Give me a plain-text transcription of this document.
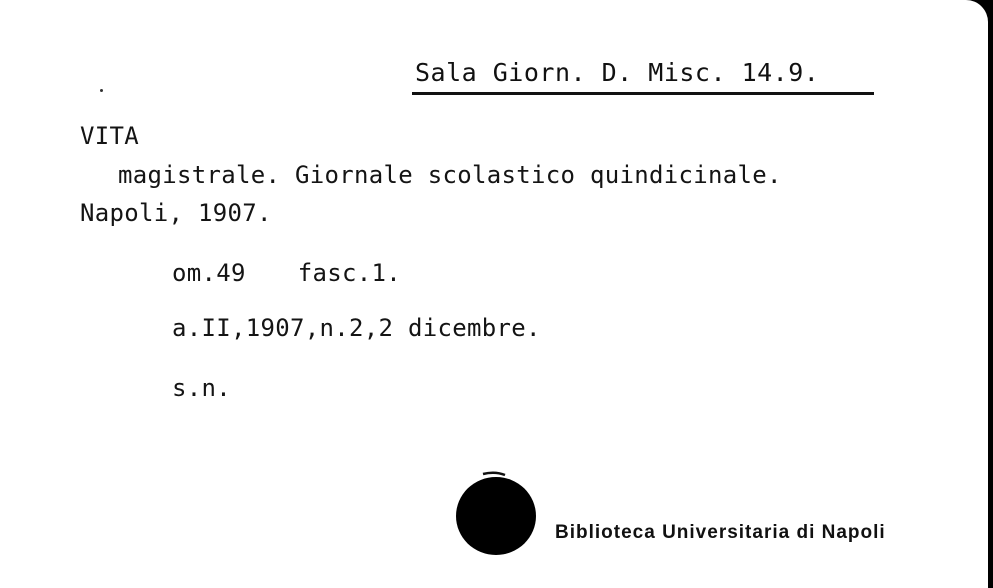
Sala Giorn. D. Misc. 14.9.
VITA
magistrale. Giornale scolastico quindicinale.
Napoli, 1907.
om.49 fasc.1.
a.II,1907,n.2,2 dicembre.
s.n.
Biblioteca Universitaria di Napoli
